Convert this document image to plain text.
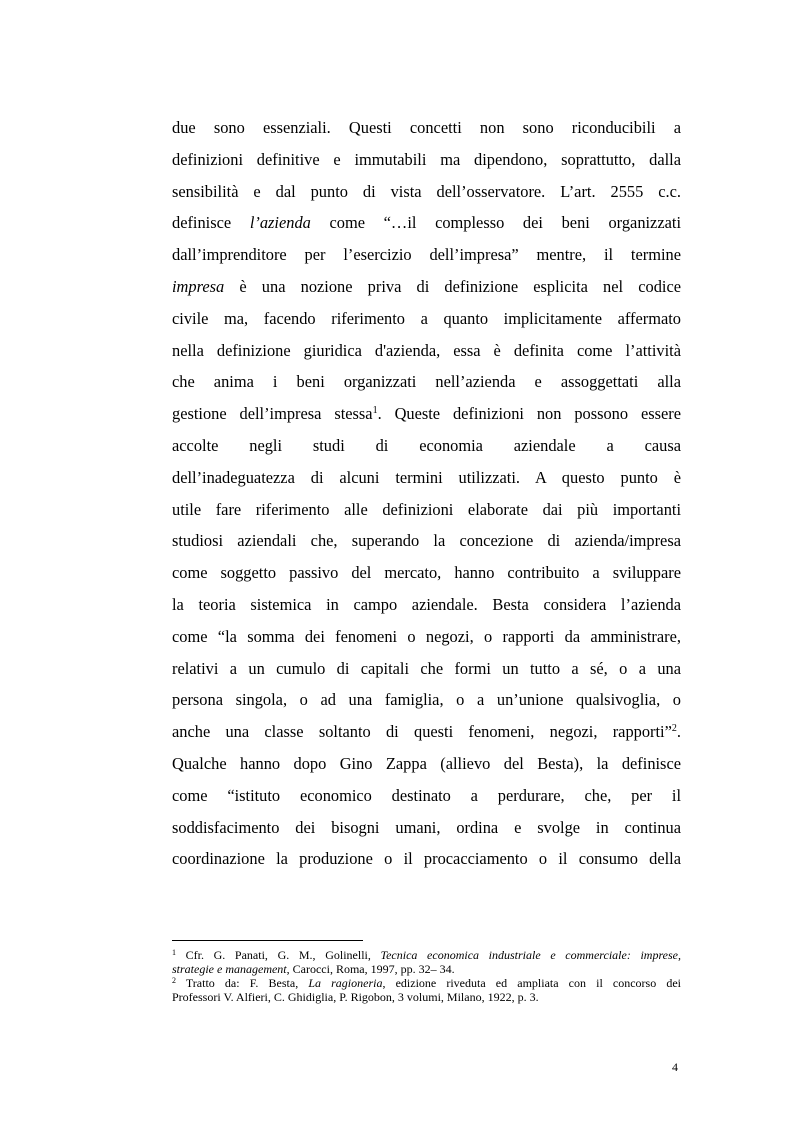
due sono essenziali. Questi concetti non sono riconducibili a
definizioni definitive e immutabili ma dipendono, soprattutto, dalla
sensibilità e dal punto di vista dell’osservatore. L’art. 2555 c.c.
definisce l’azienda come “…il complesso dei beni organizzati
dall’imprenditore per l’esercizio dell’impresa” mentre, il termine
impresa è una nozione priva di definizione esplicita nel codice
civile ma, facendo riferimento a quanto implicitamente affermato
nella definizione giuridica d'azienda, essa è definita come l’attività
che anima i beni organizzati nell’azienda e assoggettati alla
gestione dell’impresa stessa$^1$. Queste definizioni non possono essere
accolte negli studi di economia aziendale a causa
dell’inadeguatezza di alcuni termini utilizzati. A questo punto è
utile fare riferimento alle definizioni elaborate dai più importanti
studiosi aziendali che, superando la concezione di azienda/impresa
come soggetto passivo del mercato, hanno contribuito a sviluppare
la teoria sistemica in campo aziendale. Besta considera l’azienda
come “la somma dei fenomeni o negozi, o rapporti da amministrare,
relativi a un cumulo di capitali che formi un tutto a sé, o a una
persona singola, o ad una famiglia, o a un’unione qualsivoglia, o
anche una classe soltanto di questi fenomeni, negozi, rapporti”$^2$.
Qualche hanno dopo Gino Zappa (allievo del Besta), la definisce
come “istituto economico destinato a perdurare, che, per il
soddisfacimento dei bisogni umani, ordina e svolge in continua
coordinazione la produzione o il procacciamento o il consumo della
$^1$ Cfr. G. Panati, G. M., Golinelli, Tecnica economica industriale e commerciale: imprese,
strategie e management, Carocci, Roma, 1997, pp. 32– 34.
$^2$ Tratto da: F. Besta, La ragioneria, edizione riveduta ed ampliata con il concorso dei
Professori V. Alfieri, C. Ghidiglia, P. Rigobon, 3 volumi, Milano, 1922, p. 3.
4
